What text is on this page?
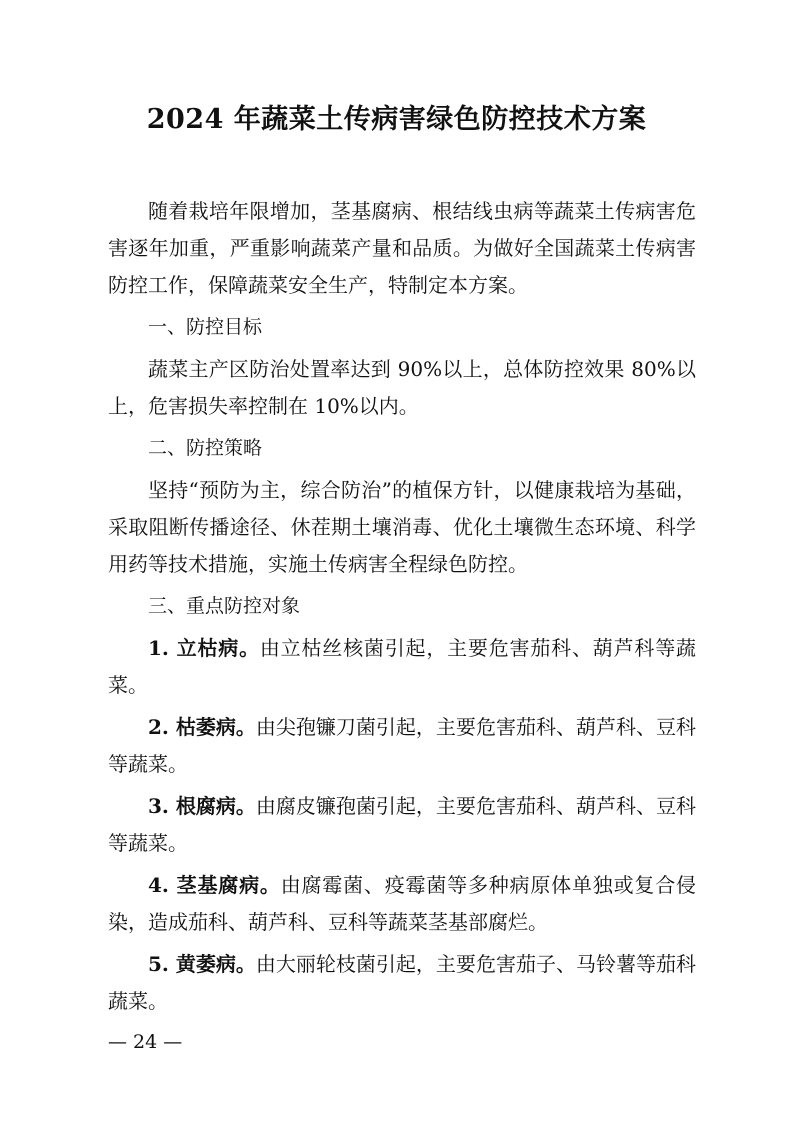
2024 年蔬菜土传病害绿色防控技术方案

随着栽培年限增加，茎基腐病、根结线虫病等蔬菜土传病害危害逐年加重，严重影响蔬菜产量和品质。为做好全国蔬菜土传病害防控工作，保障蔬菜安全生产，特制定本方案。

一、防控目标

蔬菜主产区防治处置率达到 90%以上，总体防控效果 80%以上，危害损失率控制在 10%以内。

二、防控策略

坚持“预防为主，综合防治”的植保方针，以健康栽培为基础，采取阻断传播途径、休茬期土壤消毒、优化土壤微生态环境、科学用药等技术措施，实施土传病害全程绿色防控。

三、重点防控对象

1. 立枯病。由立枯丝核菌引起，主要危害茄科、葫芦科等蔬菜。

2. 枯萎病。由尖孢镰刀菌引起，主要危害茄科、葫芦科、豆科等蔬菜。

3. 根腐病。由腐皮镰孢菌引起，主要危害茄科、葫芦科、豆科等蔬菜。

4. 茎基腐病。由腐霉菌、疫霉菌等多种病原体单独或复合侵染，造成茄科、葫芦科、豆科等蔬菜茎基部腐烂。

5. 黄萎病。由大丽轮枝菌引起，主要危害茄子、马铃薯等茄科蔬菜。

— 24 —
